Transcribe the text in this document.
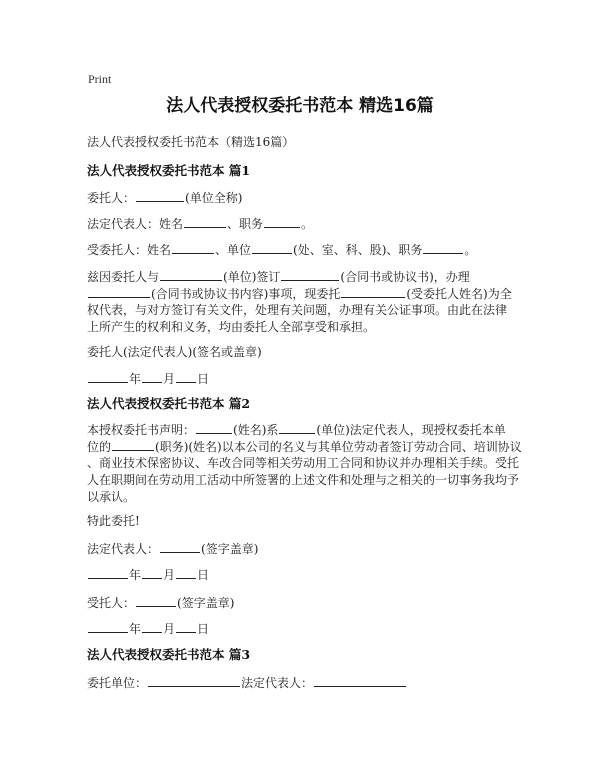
Print
法人代表授权委托书范本 精选16篇
法人代表授权委托书范本（精选16篇）
法人代表授权委托书范本 篇1
委托人：	(单位全称)
法定代表人：姓名	、职务	。
受委托人：姓名	、单位	(处、室、科、股)、职务	。
兹因委托人与	(单位)签订	(合同书或协议书)，办理
(合同书或协议书内容)事项，现委托	(受委托人姓名)为全
权代表，与对方签订有关文件，处理有关问题，办理有关公证事项。由此在法律
上所产生的权利和义务，均由委托人全部享受和承担。
委托人(法定代表人)(签名或盖章)
年 月 日
法人代表授权委托书范本 篇2
本授权委托书声明：	(姓名)系	(单位)法定代表人，现授权委托本单
位的	(职务)(姓名)以本公司的名义与其单位劳动者签订劳动合同、培训协议
、商业技术保密协议、车改合同等相关劳动用工合同和协议并办理相关手续。受托
人在职期间在劳动用工活动中所签署的上述文件和处理与之相关的一切事务我均予
以承认。
特此委托!
法定代表人：	(签字盖章)
年 月 日
受托人：	(签字盖章)
年 月 日
法人代表授权委托书范本 篇3
委托单位：	法定代表人：
